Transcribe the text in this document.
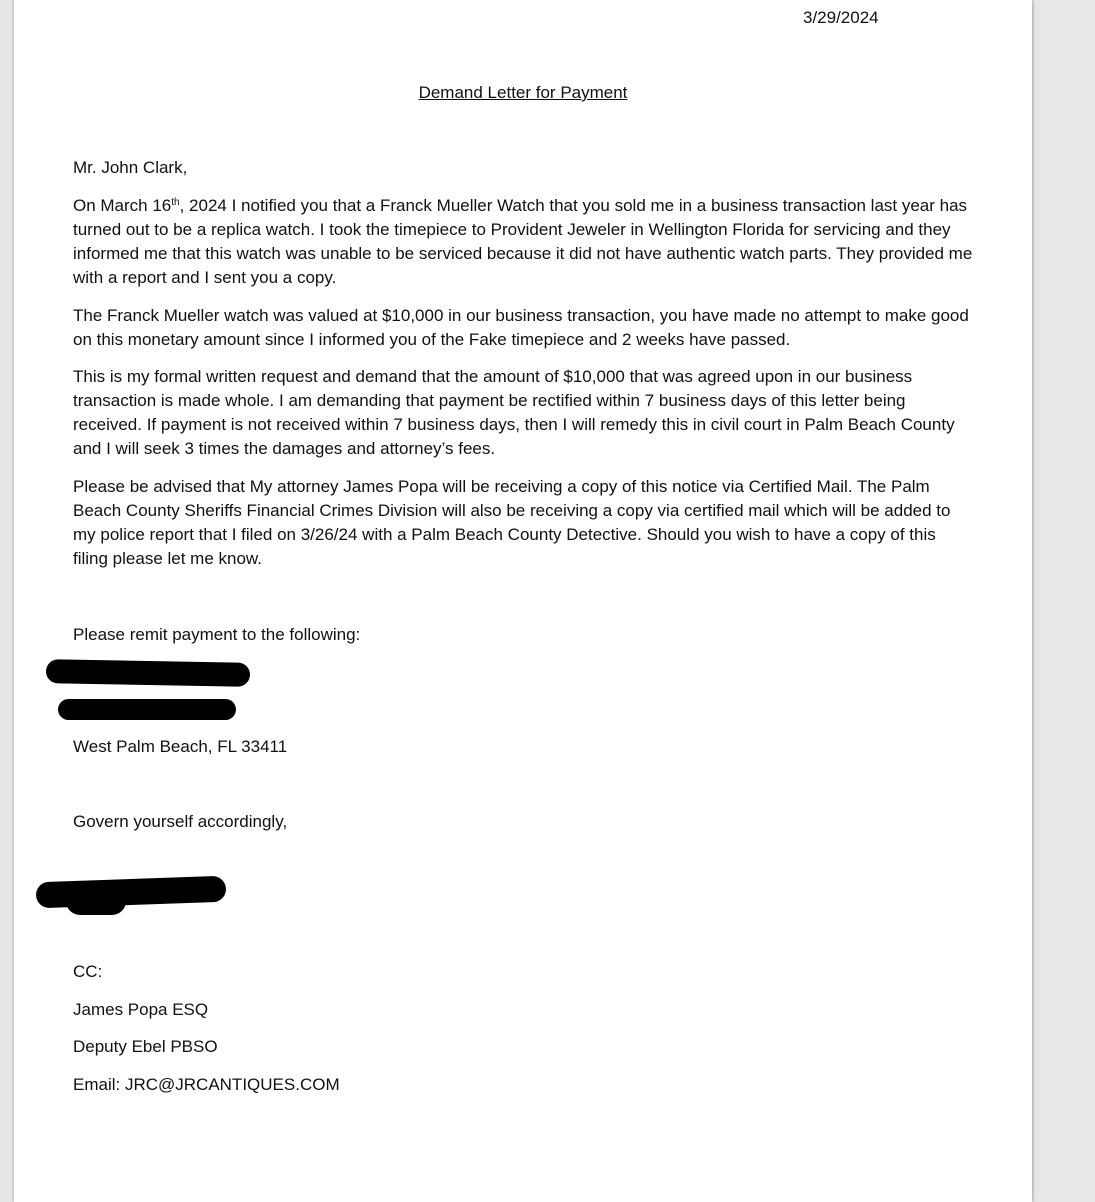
3/29/2024
Demand Letter for Payment
Mr. John Clark,

On March 16th, 2024 I notified you that a Franck Mueller Watch that you sold me in a business transaction last year has turned out to be a replica watch. I took the timepiece to Provident Jeweler in Wellington Florida for servicing and they informed me that this watch was unable to be serviced because it did not have authentic watch parts. They provided me with a report and I sent you a copy.

The Franck Mueller watch was valued at $10,000 in our business transaction, you have made no attempt to make good on this monetary amount since I informed you of the Fake timepiece and 2 weeks have passed.

This is my formal written request and demand that the amount of $10,000 that was agreed upon in our business transaction is made whole. I am demanding that payment be rectified within 7 business days of this letter being received. If payment is not received within 7 business days, then I will remedy this in civil court in Palm Beach County and I will seek 3 times the damages and attorney’s fees.

Please be advised that My attorney James Popa will be receiving a copy of this notice via Certified Mail. The Palm Beach County Sheriffs Financial Crimes Division will also be receiving a copy via certified mail which will be added to my police report that I filed on 3/26/24 with a Palm Beach County Detective. Should you wish to have a copy of this filing please let me know.

Please remit payment to the following:
West Palm Beach, FL 33411
Govern yourself accordingly,
CC:
James Popa ESQ
Deputy Ebel PBSO
Email: JRC@JRCANTIQUES.COM
